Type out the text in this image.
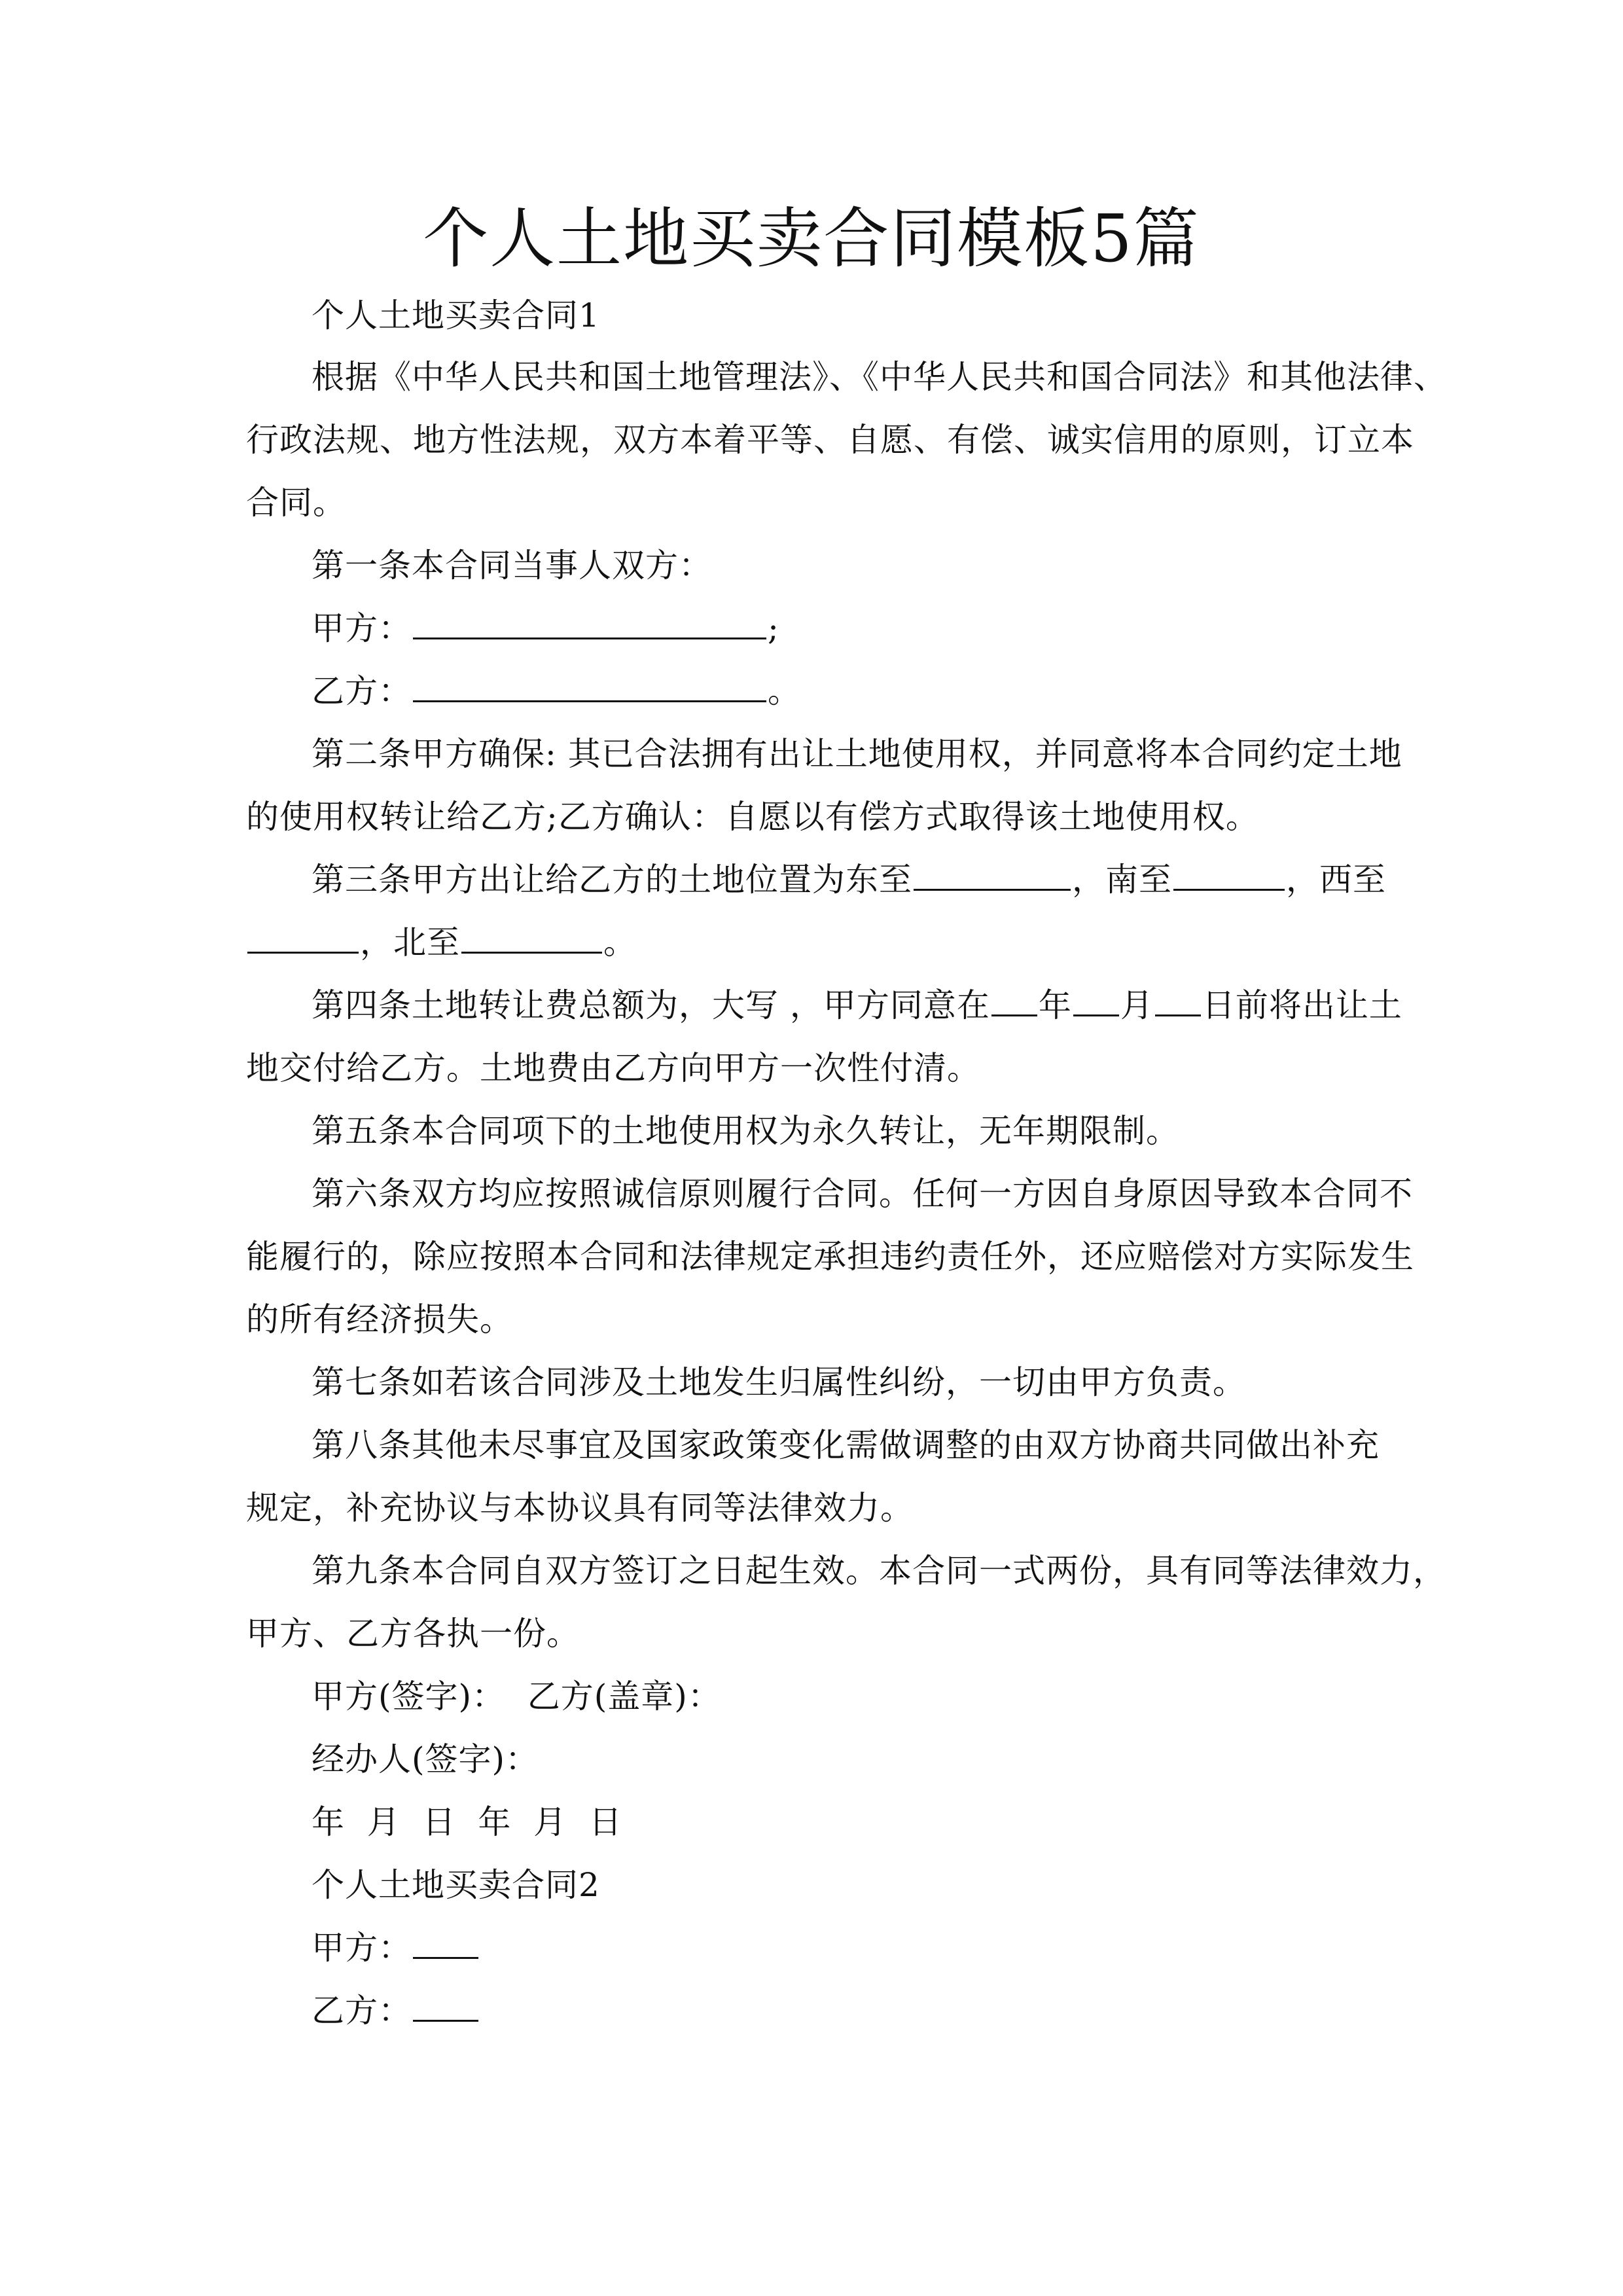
个人土地买卖合同模板5篇
个人土地买卖合同1
根据《中华人民共和国土地管理法》、《中华人民共和国合同法》和其他法律、
行政法规、地方性法规，双方本着平等、自愿、有偿、诚实信用的原则，订立本
合同。
第一条本合同当事人双方：
甲方：	;
乙方：	。
第二条甲方确保: 其已合法拥有出让土地使用权，并同意将本合同约定土地
的使用权转让给乙方;乙方确认：自愿以有偿方式取得该土地使用权。
第三条甲方出让给乙方的土地位置为东至	，南至	，西至
，北至	。
第四条土地转让费总额为，大写 ，甲方同意在 年 月 日前将出让土
地交付给乙方。土地费由乙方向甲方一次性付清。
第五条本合同项下的土地使用权为永久转让，无年期限制。
第六条双方均应按照诚信原则履行合同。任何一方因自身原因导致本合同不
能履行的，除应按照本合同和法律规定承担违约责任外，还应赔偿对方实际发生
的所有经济损失。
第七条如若该合同涉及土地发生归属性纠纷，一切由甲方负责。
第八条其他未尽事宜及国家政策变化需做调整的由双方协商共同做出补充
规定，补充协议与本协议具有同等法律效力。
第九条本合同自双方签订之日起生效。本合同一式两份，具有同等法律效力，
甲方、乙方各执一份。
甲方(签字)：  乙方(盖章)：
经办人(签字)：
年  月  日  年  月  日
个人土地买卖合同2
甲方：
乙方：
